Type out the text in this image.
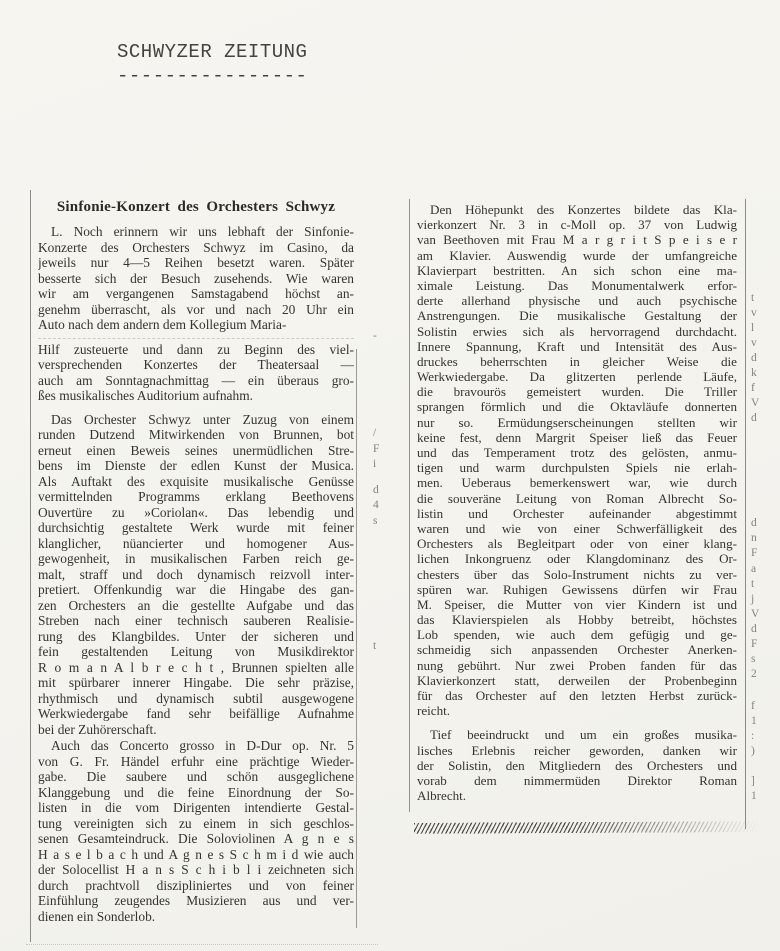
SCHWYZER ZEITUNG
----------------
Sinfonie-Konzert des Orchesters Schwyz
L. Noch erinnern wir uns lebhaft der Sinfonie-
Konzerte des Orchesters Schwyz im Casino, da
jeweils nur 4—5 Reihen besetzt waren. Später
besserte sich der Besuch zusehends. Wie waren
wir am vergangenen Samstagabend höchst an-
genehm überrascht, als vor und nach 20 Uhr ein
Auto nach dem andern dem Kollegium Maria-
Hilf zusteuerte und dann zu Beginn des viel-
versprechenden Konzertes der Theatersaal —
auch am Sonntagnachmittag — ein überaus gro-
ßes musikalisches Auditorium aufnahm.
Das Orchester Schwyz unter Zuzug von einem
runden Dutzend Mitwirkenden von Brunnen, bot
erneut einen Beweis seines unermüdlichen Stre-
bens im Dienste der edlen Kunst der Musica.
Als Auftakt des exquisite musikalische Genüsse
vermittelnden Programms erklang Beethovens
Ouvertüre zu »Coriolan«. Das lebendig und
durchsichtig gestaltete Werk wurde mit feiner
klanglicher, nüancierter und homogener Aus-
gewogenheit, in musikalischen Farben reich ge-
malt, straff und doch dynamisch reizvoll inter-
pretiert. Offenkundig war die Hingabe des gan-
zen Orchesters an die gestellte Aufgabe und das
Streben nach einer technisch sauberen Realisie-
rung des Klangbildes. Unter der sicheren und
fein gestaltenden Leitung von Musikdirektor
R o m a n A l b r e c h t , Brunnen spielten alle
mit spürbarer innerer Hingabe. Die sehr präzise,
rhythmisch und dynamisch subtil ausgewogene
Werkwiedergabe fand sehr beifällige Aufnahme
bei der Zuhörerschaft.
Auch das Concerto grosso in D-Dur op. Nr. 5
von G. Fr. Händel erfuhr eine prächtige Wieder-
gabe. Die saubere und schön ausgeglichene
Klanggebung und die feine Einordnung der So-
listen in die vom Dirigenten intendierte Gestal-
tung vereinigten sich zu einem in sich geschlos-
senen Gesamteindruck. Die Soloviolinen A g n e s
H a s e l b a c h und A g n e s S c h m i d wie auch
der Solocellist H a n s S c h i b l i zeichneten sich
durch prachtvoll diszipliniertes und von feiner
Einfühlung zeugendes Musizieren aus und ver-
dienen ein Sonderlob.
Den Höhepunkt des Konzertes bildete das Kla-
vierkonzert Nr. 3 in c-Moll op. 37 von Ludwig
van Beethoven mit Frau M a r g r i t S p e i s e r
am Klavier. Auswendig wurde der umfangreiche
Klavierpart bestritten. An sich schon eine ma-
ximale Leistung. Das Monumentalwerk erfor-
derte allerhand physische und auch psychische
Anstrengungen. Die musikalische Gestaltung der
Solistin erwies sich als hervorragend durchdacht.
Innere Spannung, Kraft und Intensität des Aus-
druckes beherrschten in gleicher Weise die
Werkwiedergabe. Da glitzerten perlende Läufe,
die bravourös gemeistert wurden. Die Triller
sprangen förmlich und die Oktavläufe donnerten
nur so. Ermüdungserscheinungen stellten wir
keine fest, denn Margrit Speiser ließ das Feuer
und das Temperament trotz des gelösten, anmu-
tigen und warm durchpulsten Spiels nie erlah-
men. Ueberaus bemerkenswert war, wie durch
die souveräne Leitung von Roman Albrecht So-
listin und Orchester aufeinander abgestimmt
waren und wie von einer Schwerfälligkeit des
Orchesters als Begleitpart oder von einer klang-
lichen Inkongruenz oder Klangdominanz des Or-
chesters über das Solo-Instrument nichts zu ver-
spüren war. Ruhigen Gewissens dürfen wir Frau
M. Speiser, die Mutter von vier Kindern ist und
das Klavierspielen als Hobby betreibt, höchstes
Lob spenden, wie auch dem gefügig und ge-
schmeidig sich anpassenden Orchester Anerken-
nung gebührt. Nur zwei Proben fanden für das
Klavierkonzert statt, derweilen der Probenbeginn
für das Orchester auf den letzten Herbst zurück-
reicht.
Tief beeindruckt und um ein großes musika-
lisches Erlebnis reicher geworden, danken wir
der Solistin, den Mitgliedern des Orchesters und
vorab dem nimmermüden Direktor Roman
Albrecht.
-
/
F
i
d
4
s
t
t
v
l
v
d
k
f
V
d
d
n
F
a
t
j
V
d
F
s
2
f
1
:
)
]
1
